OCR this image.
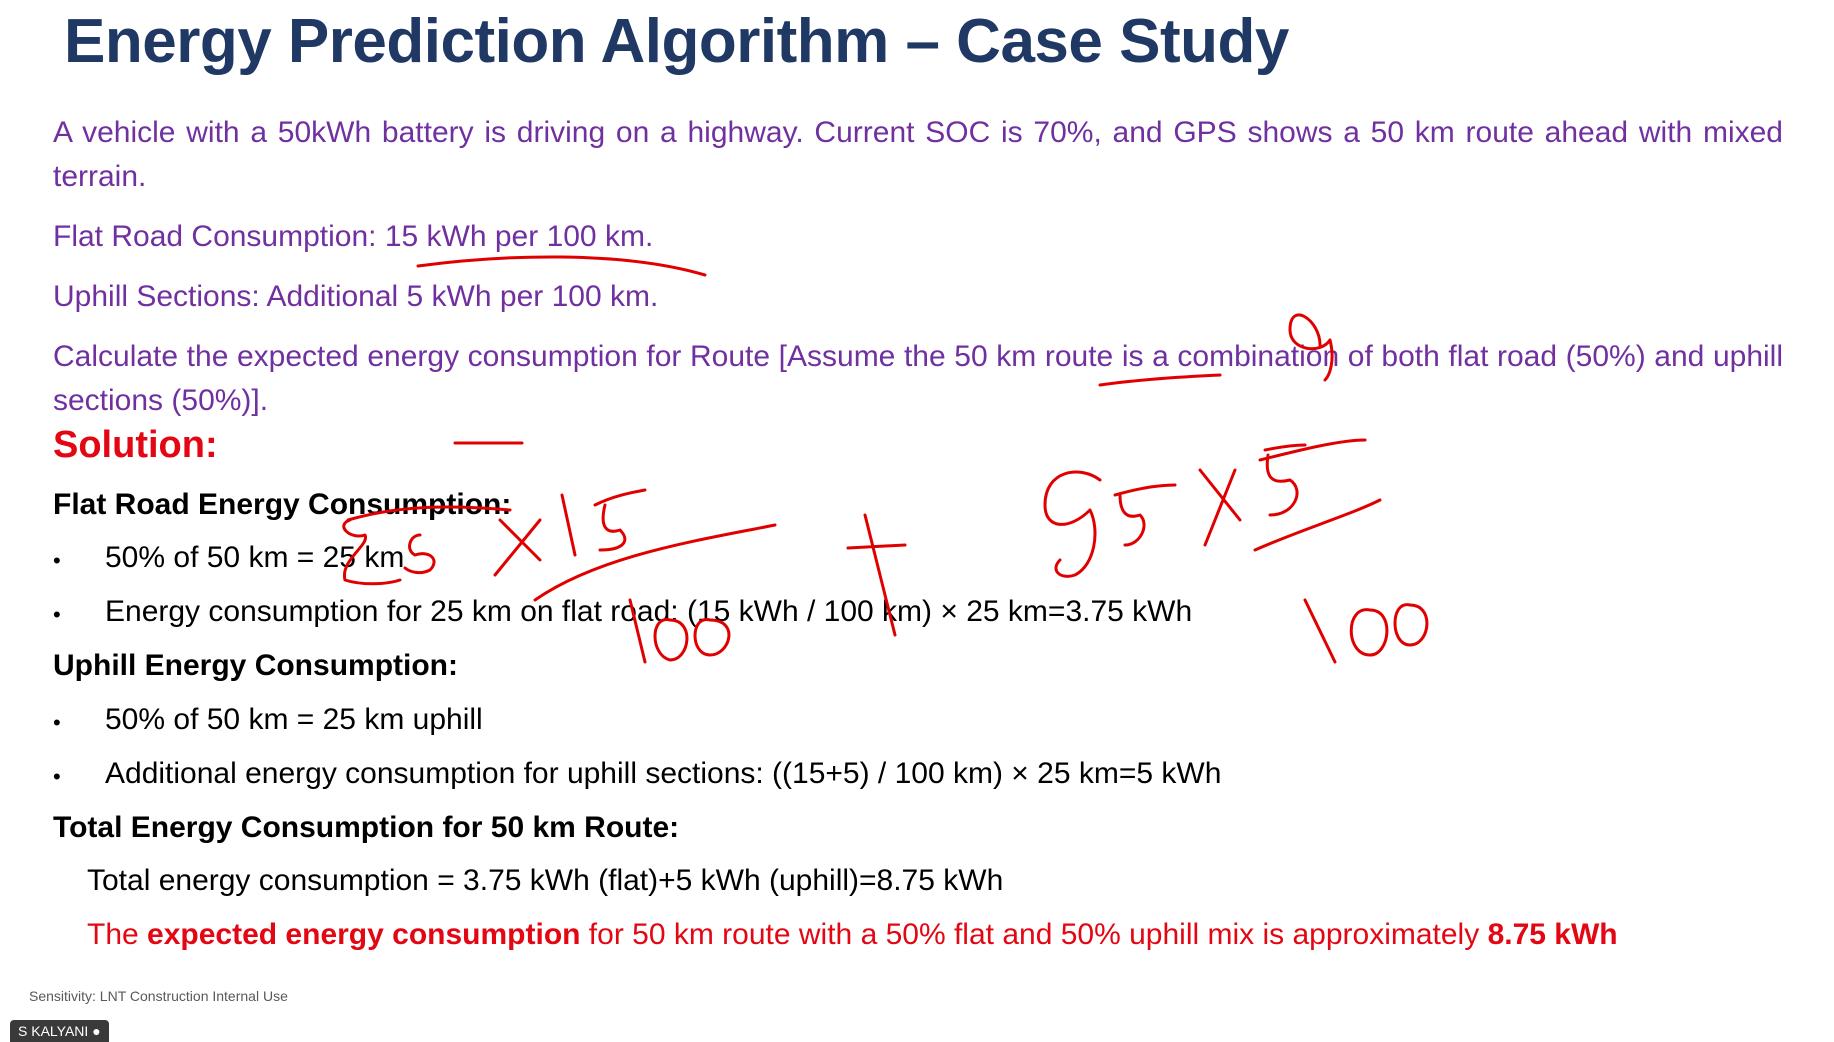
Energy Prediction Algorithm – Case Study
A vehicle with a 50kWh battery is driving on a highway. Current SOC is 70%, and GPS shows a 50 km route ahead with mixed terrain.
Flat Road Consumption: 15 kWh per 100 km.
Uphill Sections: Additional 5 kWh per 100 km.
Calculate the expected energy consumption for Route [Assume the 50 km route is a combination of both flat road (50%) and uphill sections (50%)].
Solution:
Flat Road Energy Consumption:
• 50% of 50 km = 25 km
• Energy consumption for 25 km on flat road: (15 kWh / 100 km) × 25 km=3.75 kWh
Uphill Energy Consumption:
• 50% of 50 km = 25 km uphill
• Additional energy consumption for uphill sections: ((15+5) / 100 km) × 25 km=5 kWh
Total Energy Consumption for 50 km Route:
Total energy consumption = 3.75 kWh (flat)+5 kWh (uphill)=8.75 kWh
The expected energy consumption for 50 km route with a 50% flat and 50% uphill mix is approximately 8.75 kWh
Sensitivity: LNT Construction Internal Use
S KALYANI ●
